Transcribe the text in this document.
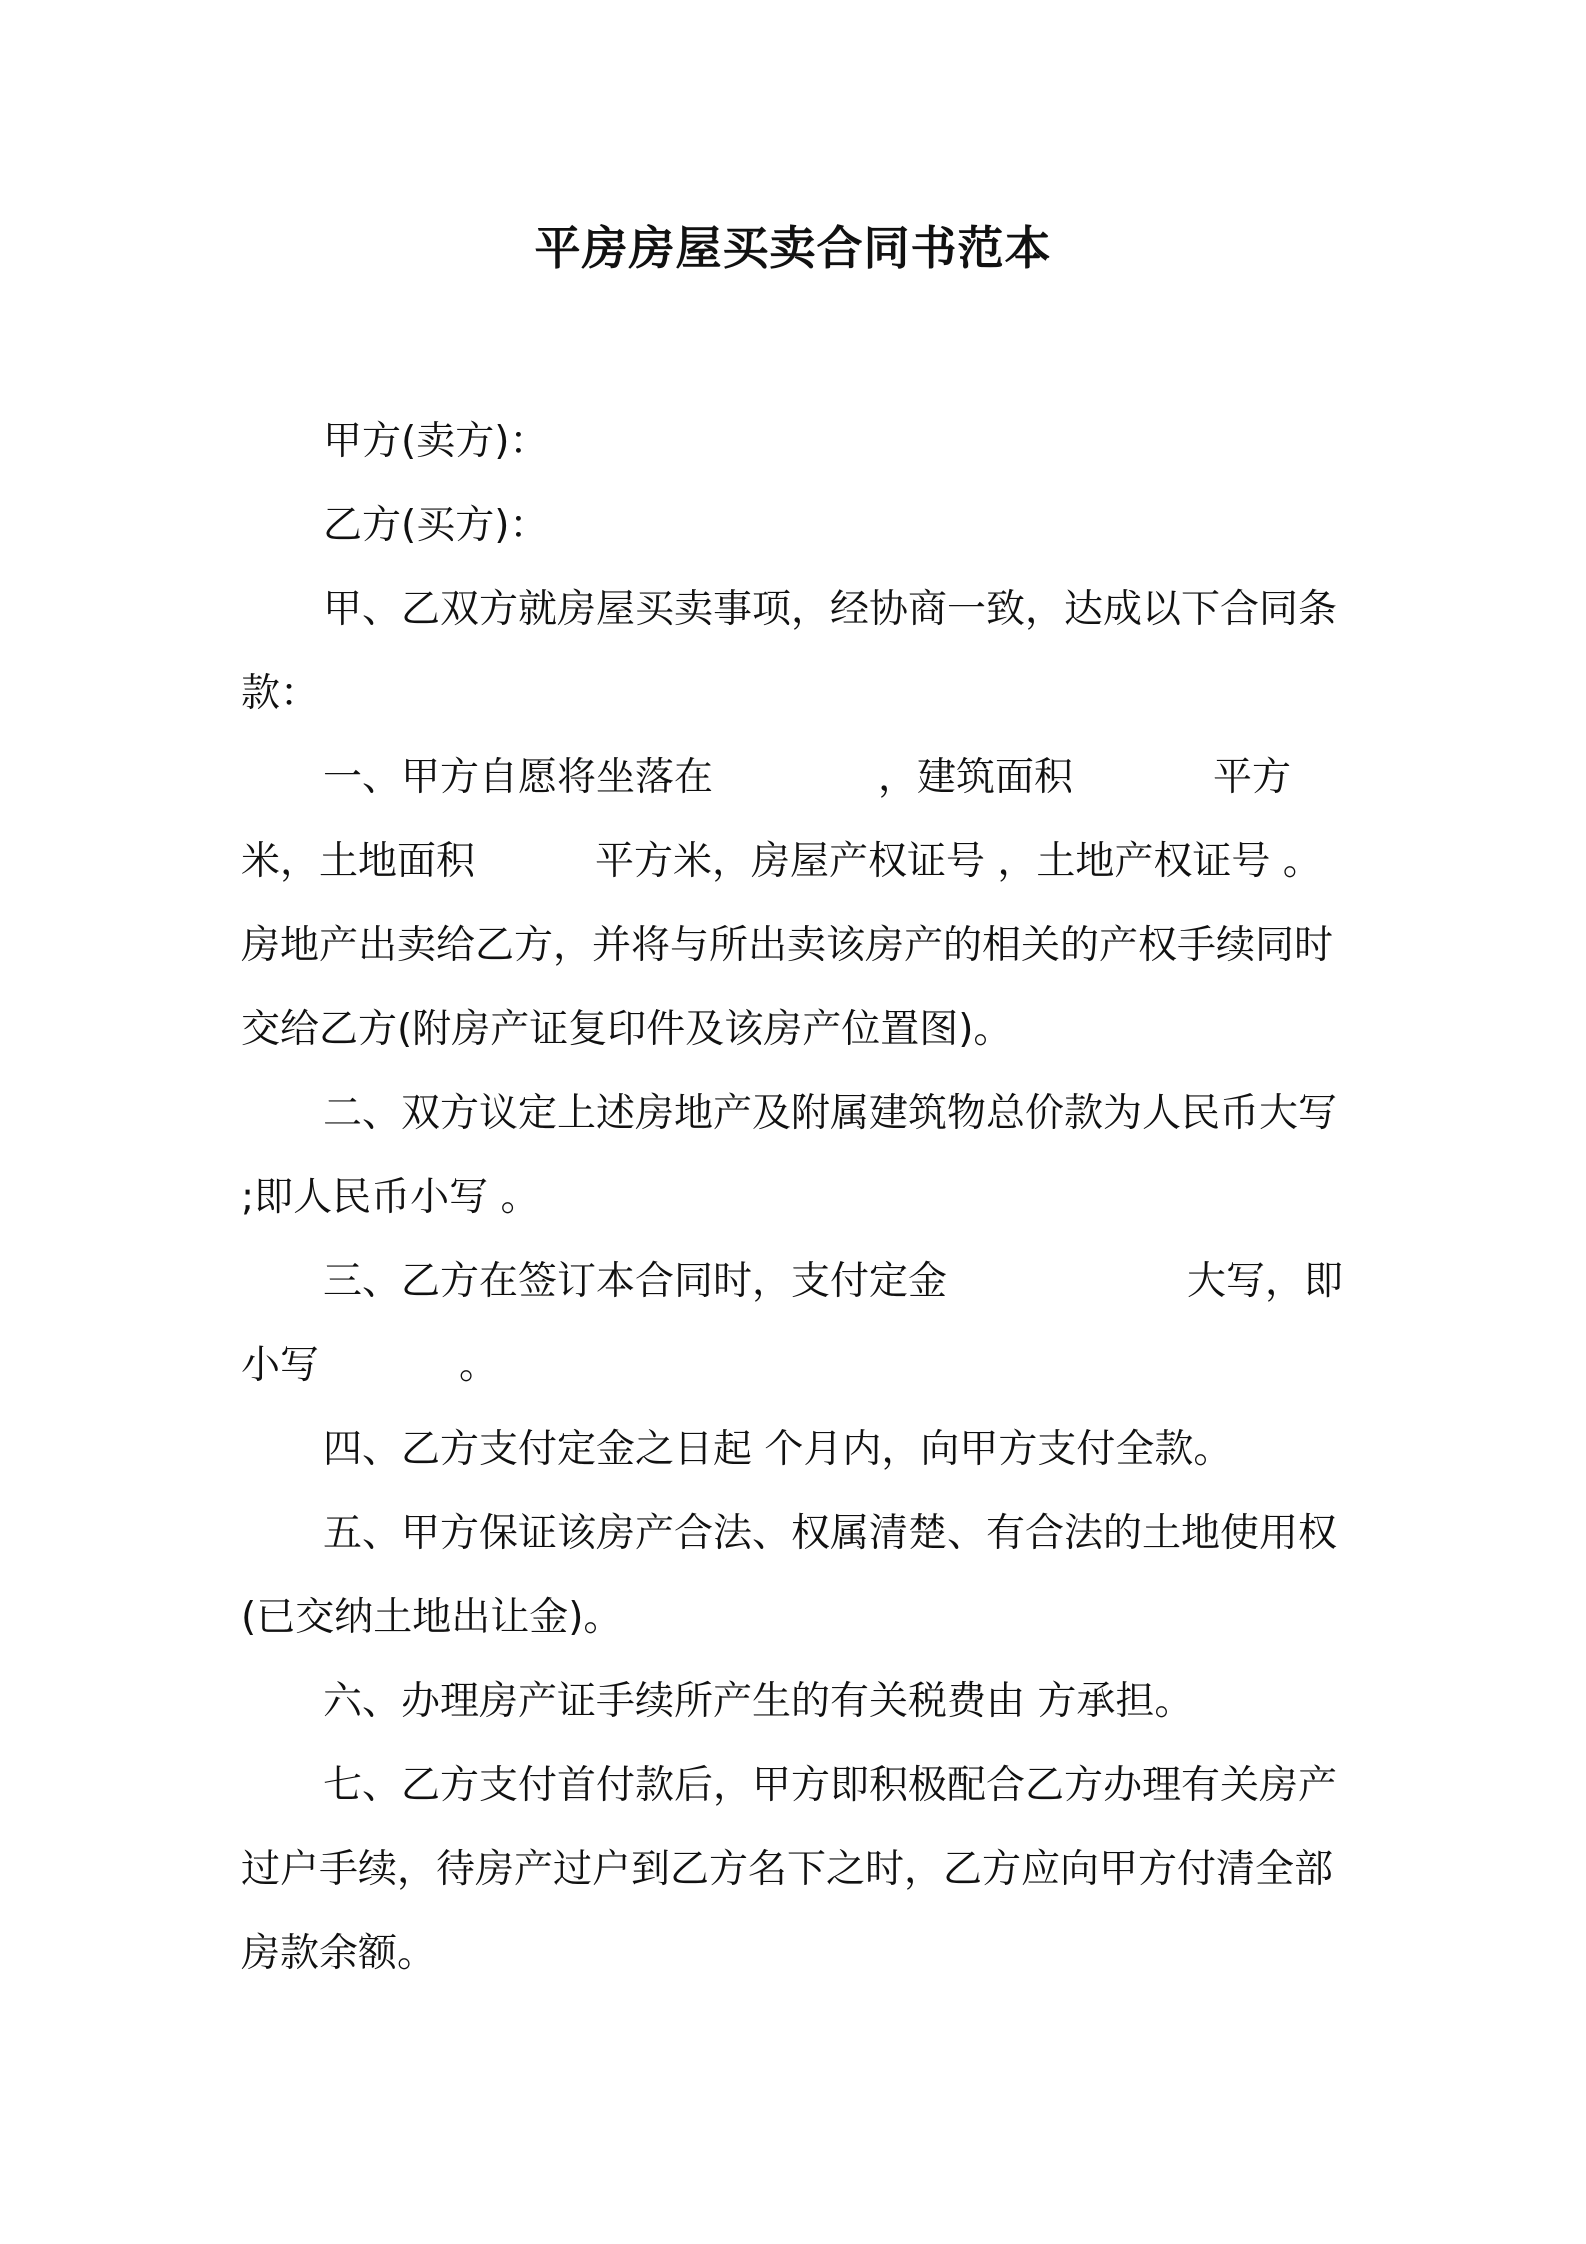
平房房屋买卖合同书范本

甲方(卖方)：

乙方(买方)：

甲、乙双方就房屋买卖事项，经协商一致，达成以下合同条款：

一、甲方自愿将坐落在	，建筑面积	平方米，土地面积	平方米，房屋产权证号 ，土地产权证号 。房地产出卖给乙方，并将与所出卖该房产的相关的产权手续同时交给乙方(附房产证复印件及该房产位置图)。

二、双方议定上述房地产及附属建筑物总价款为人民币大写 ;即人民币小写 。

三、乙方在签订本合同时，支付定金	大写，即小写	。

四、乙方支付定金之日起 个月内，向甲方支付全款。

五、甲方保证该房产合法、权属清楚、有合法的土地使用权(已交纳土地出让金)。

六、办理房产证手续所产生的有关税费由 方承担。

七、乙方支付首付款后，甲方即积极配合乙方办理有关房产过户手续，待房产过户到乙方名下之时，乙方应向甲方付清全部房款余额。
